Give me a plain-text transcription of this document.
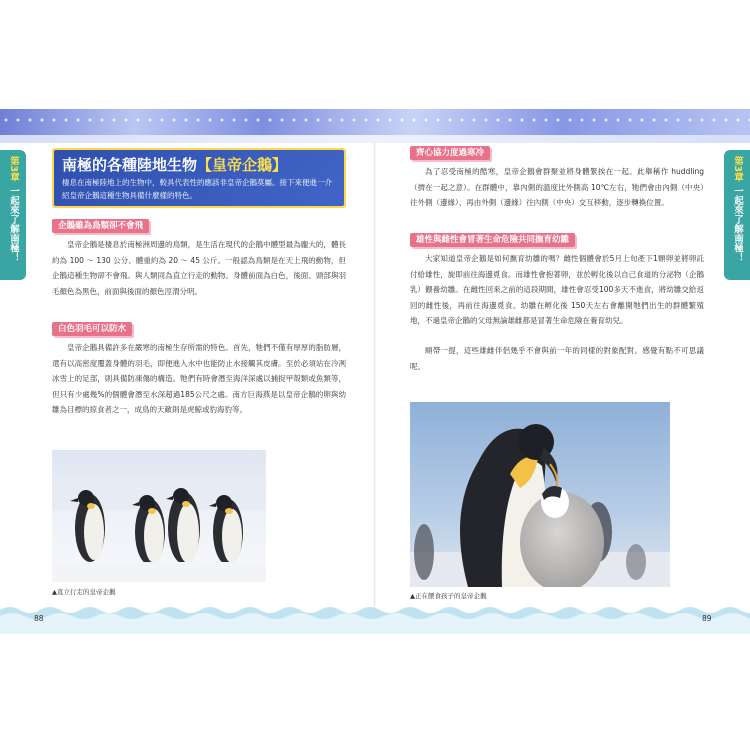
第3章
一起來了解南極！
第3章
一起來了解南極！
南極的各種陸地生物【皇帝企鵝】

棲息在南極陸地上的生物中，較具代表性的應該非皇帝企鵝莫屬。接下來便進一介紹皇帝企鵝這種生物具備什麼樣的特色。

企鵝雖為鳥類卻不會飛

皇帝企鵝是棲息於南極洲周邊的鳥類，是生活在現代的企鵝中體型最為龐大的，體長約為 100 ～ 130 公分、體重約為 20 ～ 45 公斤。一般認為鳥類是在天上飛的動物，但企鵝這種生物卻不會飛。與人類同為直立行走的動物。身體前面為白色，後面、頭部與羽毛顏色為黑色，前面與後面的顏色涇渭分明。

白色羽毛可以防水

皇帝企鵝具備許多在嚴寒的南極生存所需的特色。首先，牠們不僅有厚厚的脂肪層，還有以高密度覆蓋身體的羽毛，即便進入水中也能防止水接觸其皮膚。至於必須站在冷冽冰雪上的足部，則具備防凍傷的構造。牠們有時會潛至海洋深處以捕捉甲殼類或魚類等，但只有少處幾%的個體會潛至水深超過185公尺之處。南方巨海燕是以皇帝企鵝的卵與幼雛為目標的掠食者之一，成鳥的天敵則是虎鯨或豹海豹等。

▲直立行走的皇帝企鵝
齊心協力度過寒冷

為了忍受南極的酷寒，皇帝企鵝會群聚並將身體緊挨在一起。此舉稱作 huddling（擠在一起之意）。在群體中，靠內側的溫度比外側高 10℃左右，牠們會由內側（中央）往外側（邊緣）、再由外側（邊緣）往內側（中央）交互移動，逐步轉換位置。

雄性與雌性會冒著生命危險共同撫育幼雛

大家知道皇帝企鵝是如何撫育幼雛的嗎？雌性個體會於5月上旬產下1顆卵並將卵託付給雄性，旋即前往海邊覓食。而雄性會抱著卵，並於孵化後以自己食道的分泌物（企鵝乳）餵養幼雛。在雌性回來之前的這段期間，雄性會忍受100多天不進食，將幼雛交給返回的雌性後，再前往海邊覓食。幼雛在孵化後 150天左右會離開牠們出生的群體繁殖地，不過皇帝企鵝的父母無論雄雌都是冒著生命危險在養育幼兒。

順帶一提，這些雄雌伴侶幾乎不會與前一年的同樣的對象配對。感覺有點不可思議呢。

▲正在餵食孩子的皇帝企鵝
88	89
